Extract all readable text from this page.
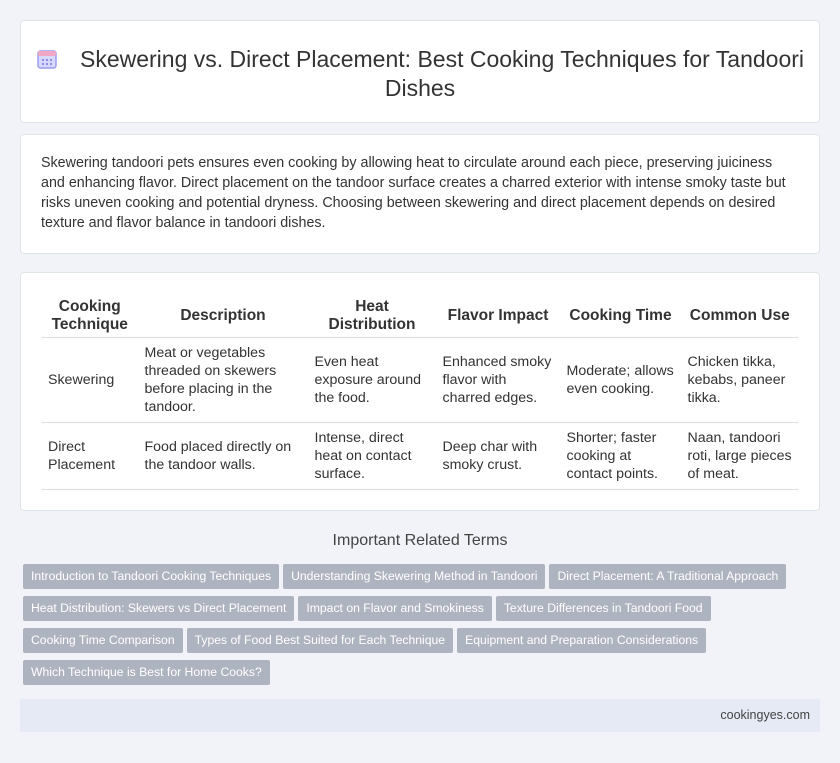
Skewering vs. Direct Placement: Best Cooking Techniques for Tandoori Dishes

Skewering tandoori pets ensures even cooking by allowing heat to circulate around each piece, preserving juiciness and enhancing flavor. Direct placement on the tandoor surface creates a charred exterior with intense smoky taste but risks uneven cooking and potential dryness. Choosing between skewering and direct placement depends on desired texture and flavor balance in tandoori dishes.

Cooking Technique	Description	Heat Distribution	Flavor Impact	Cooking Time	Common Use
Skewering	Meat or vegetables threaded on skewers before placing in the tandoor.	Even heat exposure around the food.	Enhanced smoky flavor with charred edges.	Moderate; allows even cooking.	Chicken tikka, kebabs, paneer tikka.
Direct Placement	Food placed directly on the tandoor walls.	Intense, direct heat on contact surface.	Deep char with smoky crust.	Shorter; faster cooking at contact points.	Naan, tandoori roti, large pieces of meat.
Important Related Terms
Introduction to Tandoori Cooking Techniques Understanding Skewering Method in Tandoori Direct Placement: A Traditional Approach
Heat Distribution: Skewers vs Direct Placement Impact on Flavor and Smokiness Texture Differences in Tandoori Food
Cooking Time Comparison Types of Food Best Suited for Each Technique Equipment and Preparation Considerations
Which Technique is Best for Home Cooks?
cookingyes.com
